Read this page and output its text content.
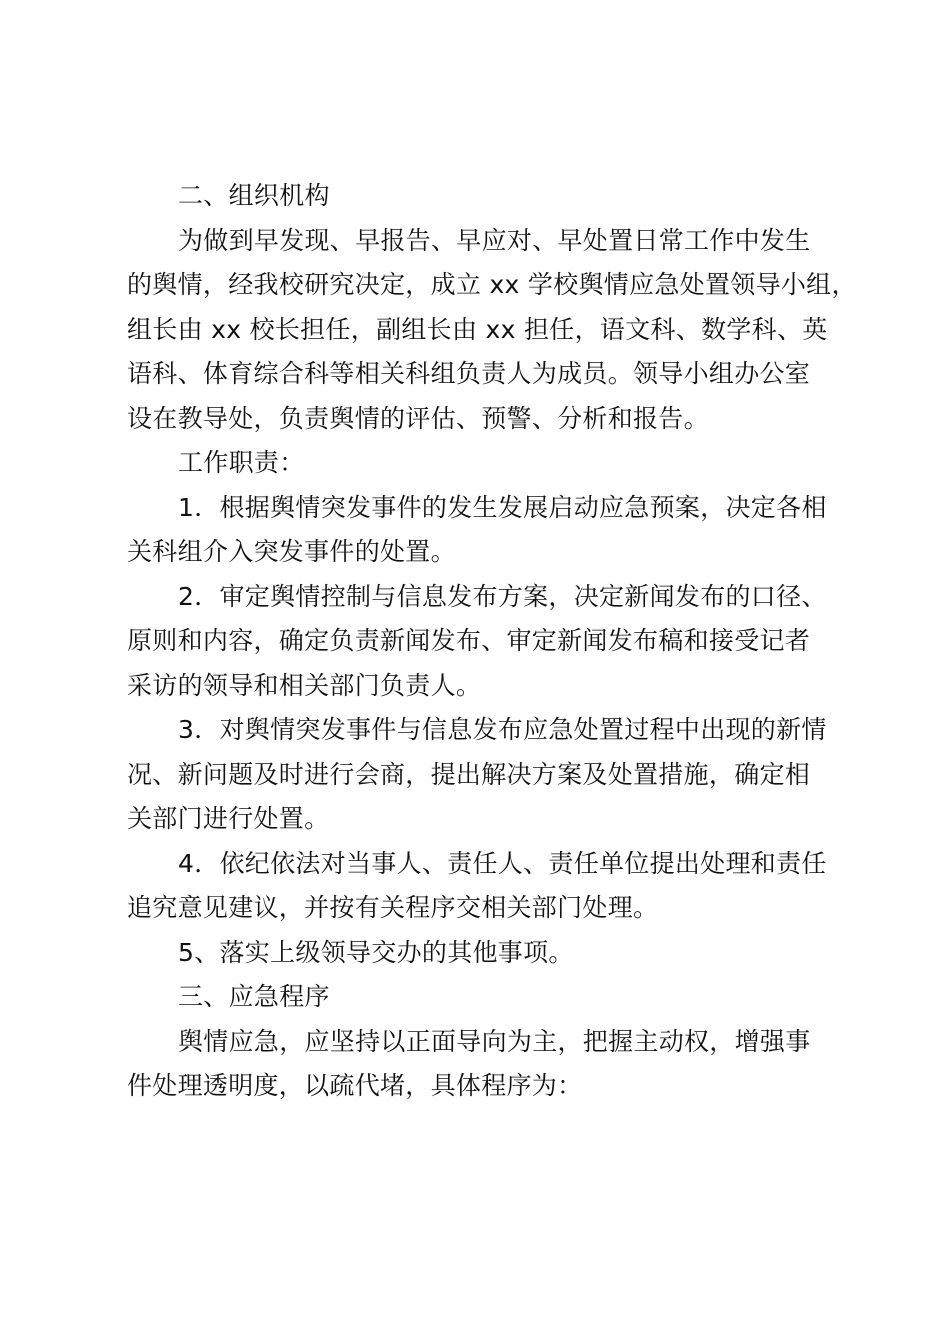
二、组织机构
为做到早发现、早报告、早应对、早处置日常工作中发生
的舆情，经我校研究决定，成立 xx 学校舆情应急处置领导小组，
组长由 xx 校长担任，副组长由 xx 担任，语文科、数学科、英
语科、体育综合科等相关科组负责人为成员。领导小组办公室
设在教导处，负责舆情的评估、预警、分析和报告。
工作职责：
1．根据舆情突发事件的发生发展启动应急预案，决定各相
关科组介入突发事件的处置。
2．审定舆情控制与信息发布方案，决定新闻发布的口径、
原则和内容，确定负责新闻发布、审定新闻发布稿和接受记者
采访的领导和相关部门负责人。
3．对舆情突发事件与信息发布应急处置过程中出现的新情
况、新问题及时进行会商，提出解决方案及处置措施，确定相
关部门进行处置。
4．依纪依法对当事人、责任人、责任单位提出处理和责任
追究意见建议，并按有关程序交相关部门处理。
5、落实上级领导交办的其他事项。
三、应急程序
舆情应急，应坚持以正面导向为主，把握主动权，增强事
件处理透明度，以疏代堵，具体程序为：
